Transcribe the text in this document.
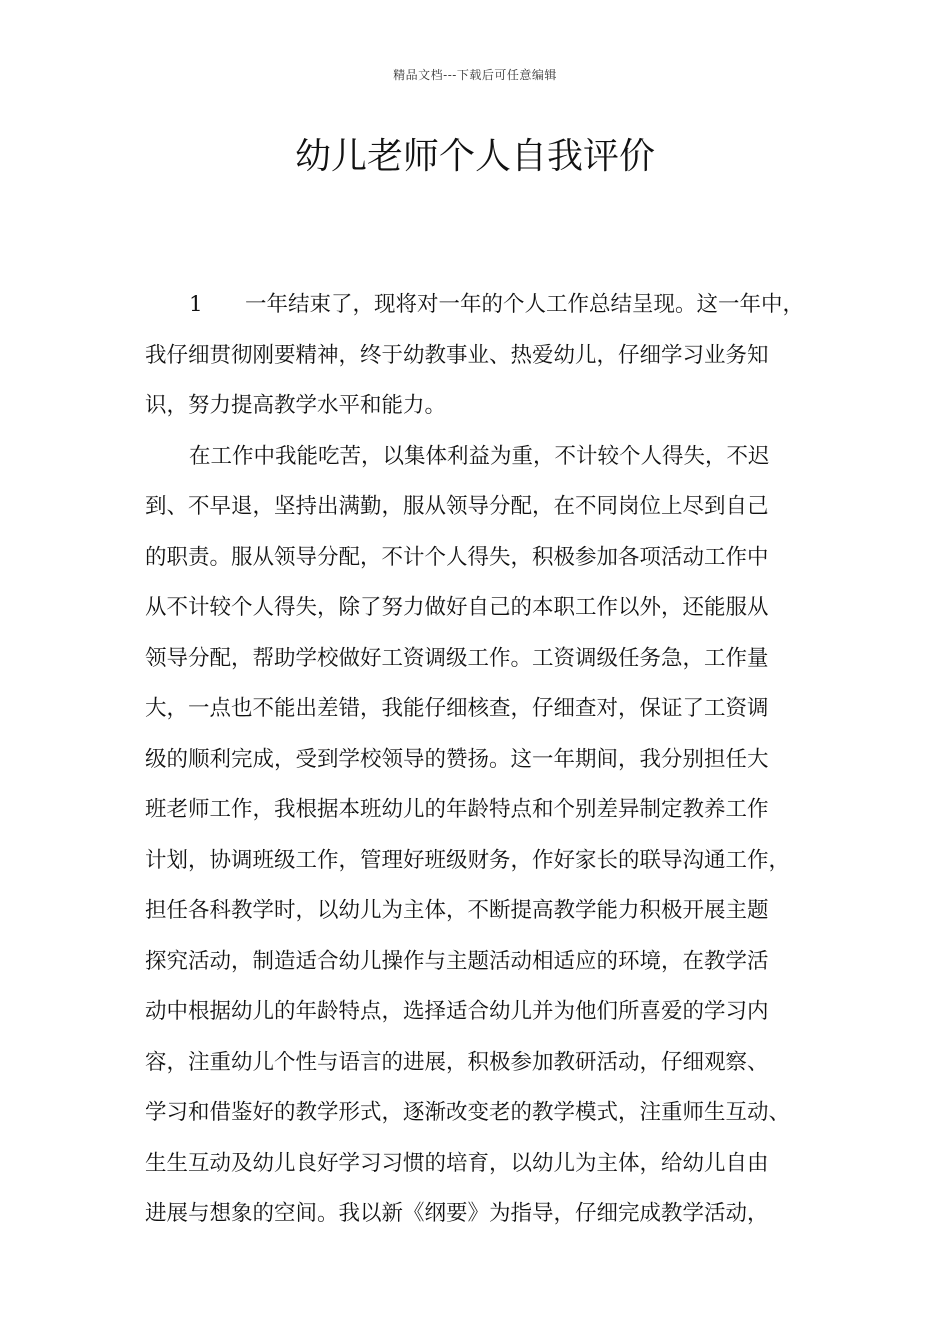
精品文档---下载后可任意编辑
幼儿老师个人自我评价
1 一年结束了，现将对一年的个人工作总结呈现。这一年中，
我仔细贯彻刚要精神，终于幼教事业、热爱幼儿，仔细学习业务知
识，努力提高教学水平和能力。
在工作中我能吃苦，以集体利益为重，不计较个人得失，不迟
到、不早退，坚持出满勤，服从领导分配，在不同岗位上尽到自己
的职责。服从领导分配，不计个人得失，积极参加各项活动工作中
从不计较个人得失，除了努力做好自己的本职工作以外，还能服从
领导分配，帮助学校做好工资调级工作。工资调级任务急，工作量
大，一点也不能出差错，我能仔细核查，仔细查对，保证了工资调
级的顺利完成，受到学校领导的赞扬。这一年期间，我分别担任大
班老师工作，我根据本班幼儿的年龄特点和个别差异制定教养工作
计划，协调班级工作，管理好班级财务，作好家长的联导沟通工作，
担任各科教学时，以幼儿为主体，不断提高教学能力积极开展主题
探究活动，制造适合幼儿操作与主题活动相适应的环境，在教学活
动中根据幼儿的年龄特点，选择适合幼儿并为他们所喜爱的学习内
容，注重幼儿个性与语言的进展，积极参加教研活动，仔细观察、
学习和借鉴好的教学形式，逐渐改变老的教学模式，注重师生互动、
生生互动及幼儿良好学习习惯的培育，以幼儿为主体，给幼儿自由
进展与想象的空间。我以新《纲要》为指导，仔细完成教学活动，
